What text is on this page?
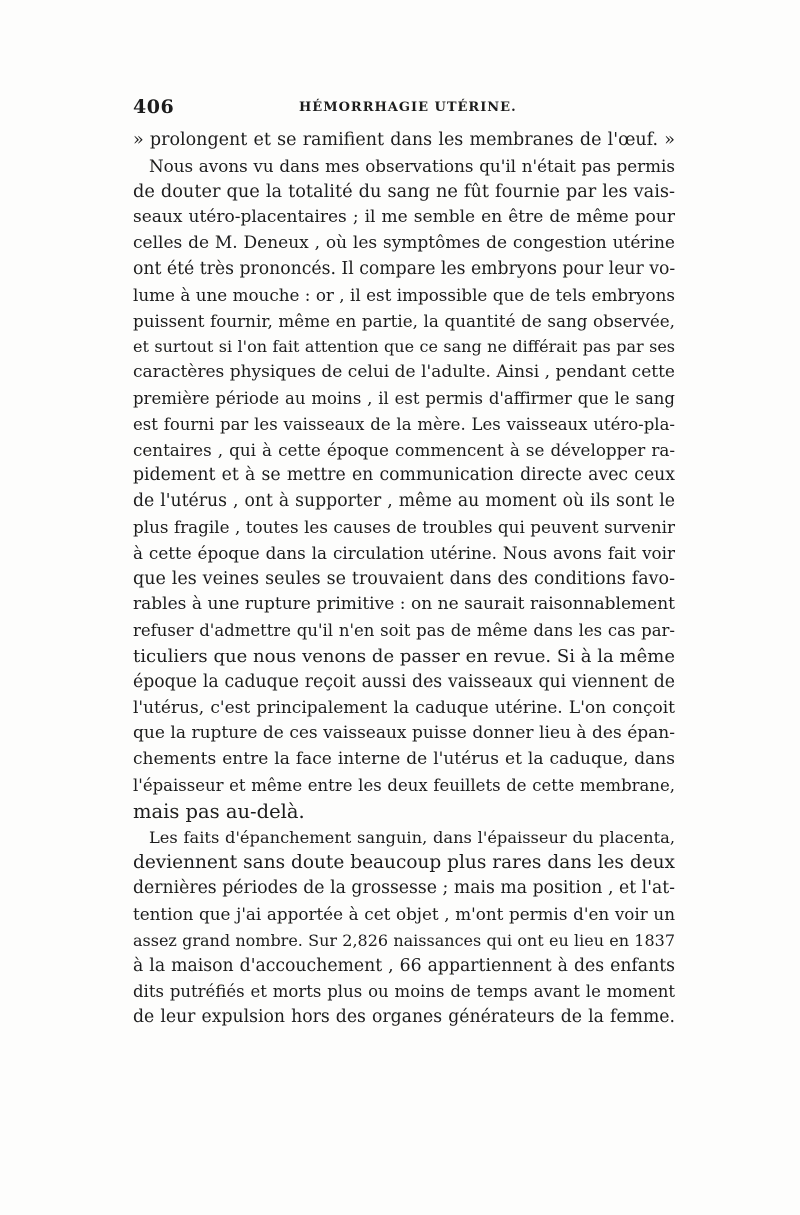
406	HÉMORRHAGIE UTÉRINE.
» prolongent et se ramifient dans les membranes de l'œuf. »
Nous avons vu dans mes observations qu'il n'était pas permis
de douter que la totalité du sang ne fût fournie par les vais-
seaux utéro-placentaires ; il me semble en être de même pour
celles de M. Deneux , où les symptômes de congestion utérine
ont été très prononcés. Il compare les embryons pour leur vo-
lume à une mouche : or , il est impossible que de tels embryons
puissent fournir, même en partie, la quantité de sang observée,
et surtout si l'on fait attention que ce sang ne différait pas par ses
caractères physiques de celui de l'adulte. Ainsi , pendant cette
première période au moins , il est permis d'affirmer que le sang
est fourni par les vaisseaux de la mère. Les vaisseaux utéro-pla-
centaires , qui à cette époque commencent à se développer ra-
pidement et à se mettre en communication directe avec ceux
de l'utérus , ont à supporter , même au moment où ils sont le
plus fragile , toutes les causes de troubles qui peuvent survenir
à cette époque dans la circulation utérine. Nous avons fait voir
que les veines seules se trouvaient dans des conditions favo-
rables à une rupture primitive : on ne saurait raisonnablement
refuser d'admettre qu'il n'en soit pas de même dans les cas par-
ticuliers que nous venons de passer en revue. Si à la même
époque la caduque reçoit aussi des vaisseaux qui viennent de
l'utérus, c'est principalement la caduque utérine. L'on conçoit
que la rupture de ces vaisseaux puisse donner lieu à des épan-
chements entre la face interne de l'utérus et la caduque, dans
l'épaisseur et même entre les deux feuillets de cette membrane,
mais pas au-delà.
Les faits d'épanchement sanguin, dans l'épaisseur du placenta,
deviennent sans doute beaucoup plus rares dans les deux
dernières périodes de la grossesse ; mais ma position , et l'at-
tention que j'ai apportée à cet objet , m'ont permis d'en voir un
assez grand nombre. Sur 2,826 naissances qui ont eu lieu en 1837
à la maison d'accouchement , 66 appartiennent à des enfants
dits putréfiés et morts plus ou moins de temps avant le moment
de leur expulsion hors des organes générateurs de la femme.
